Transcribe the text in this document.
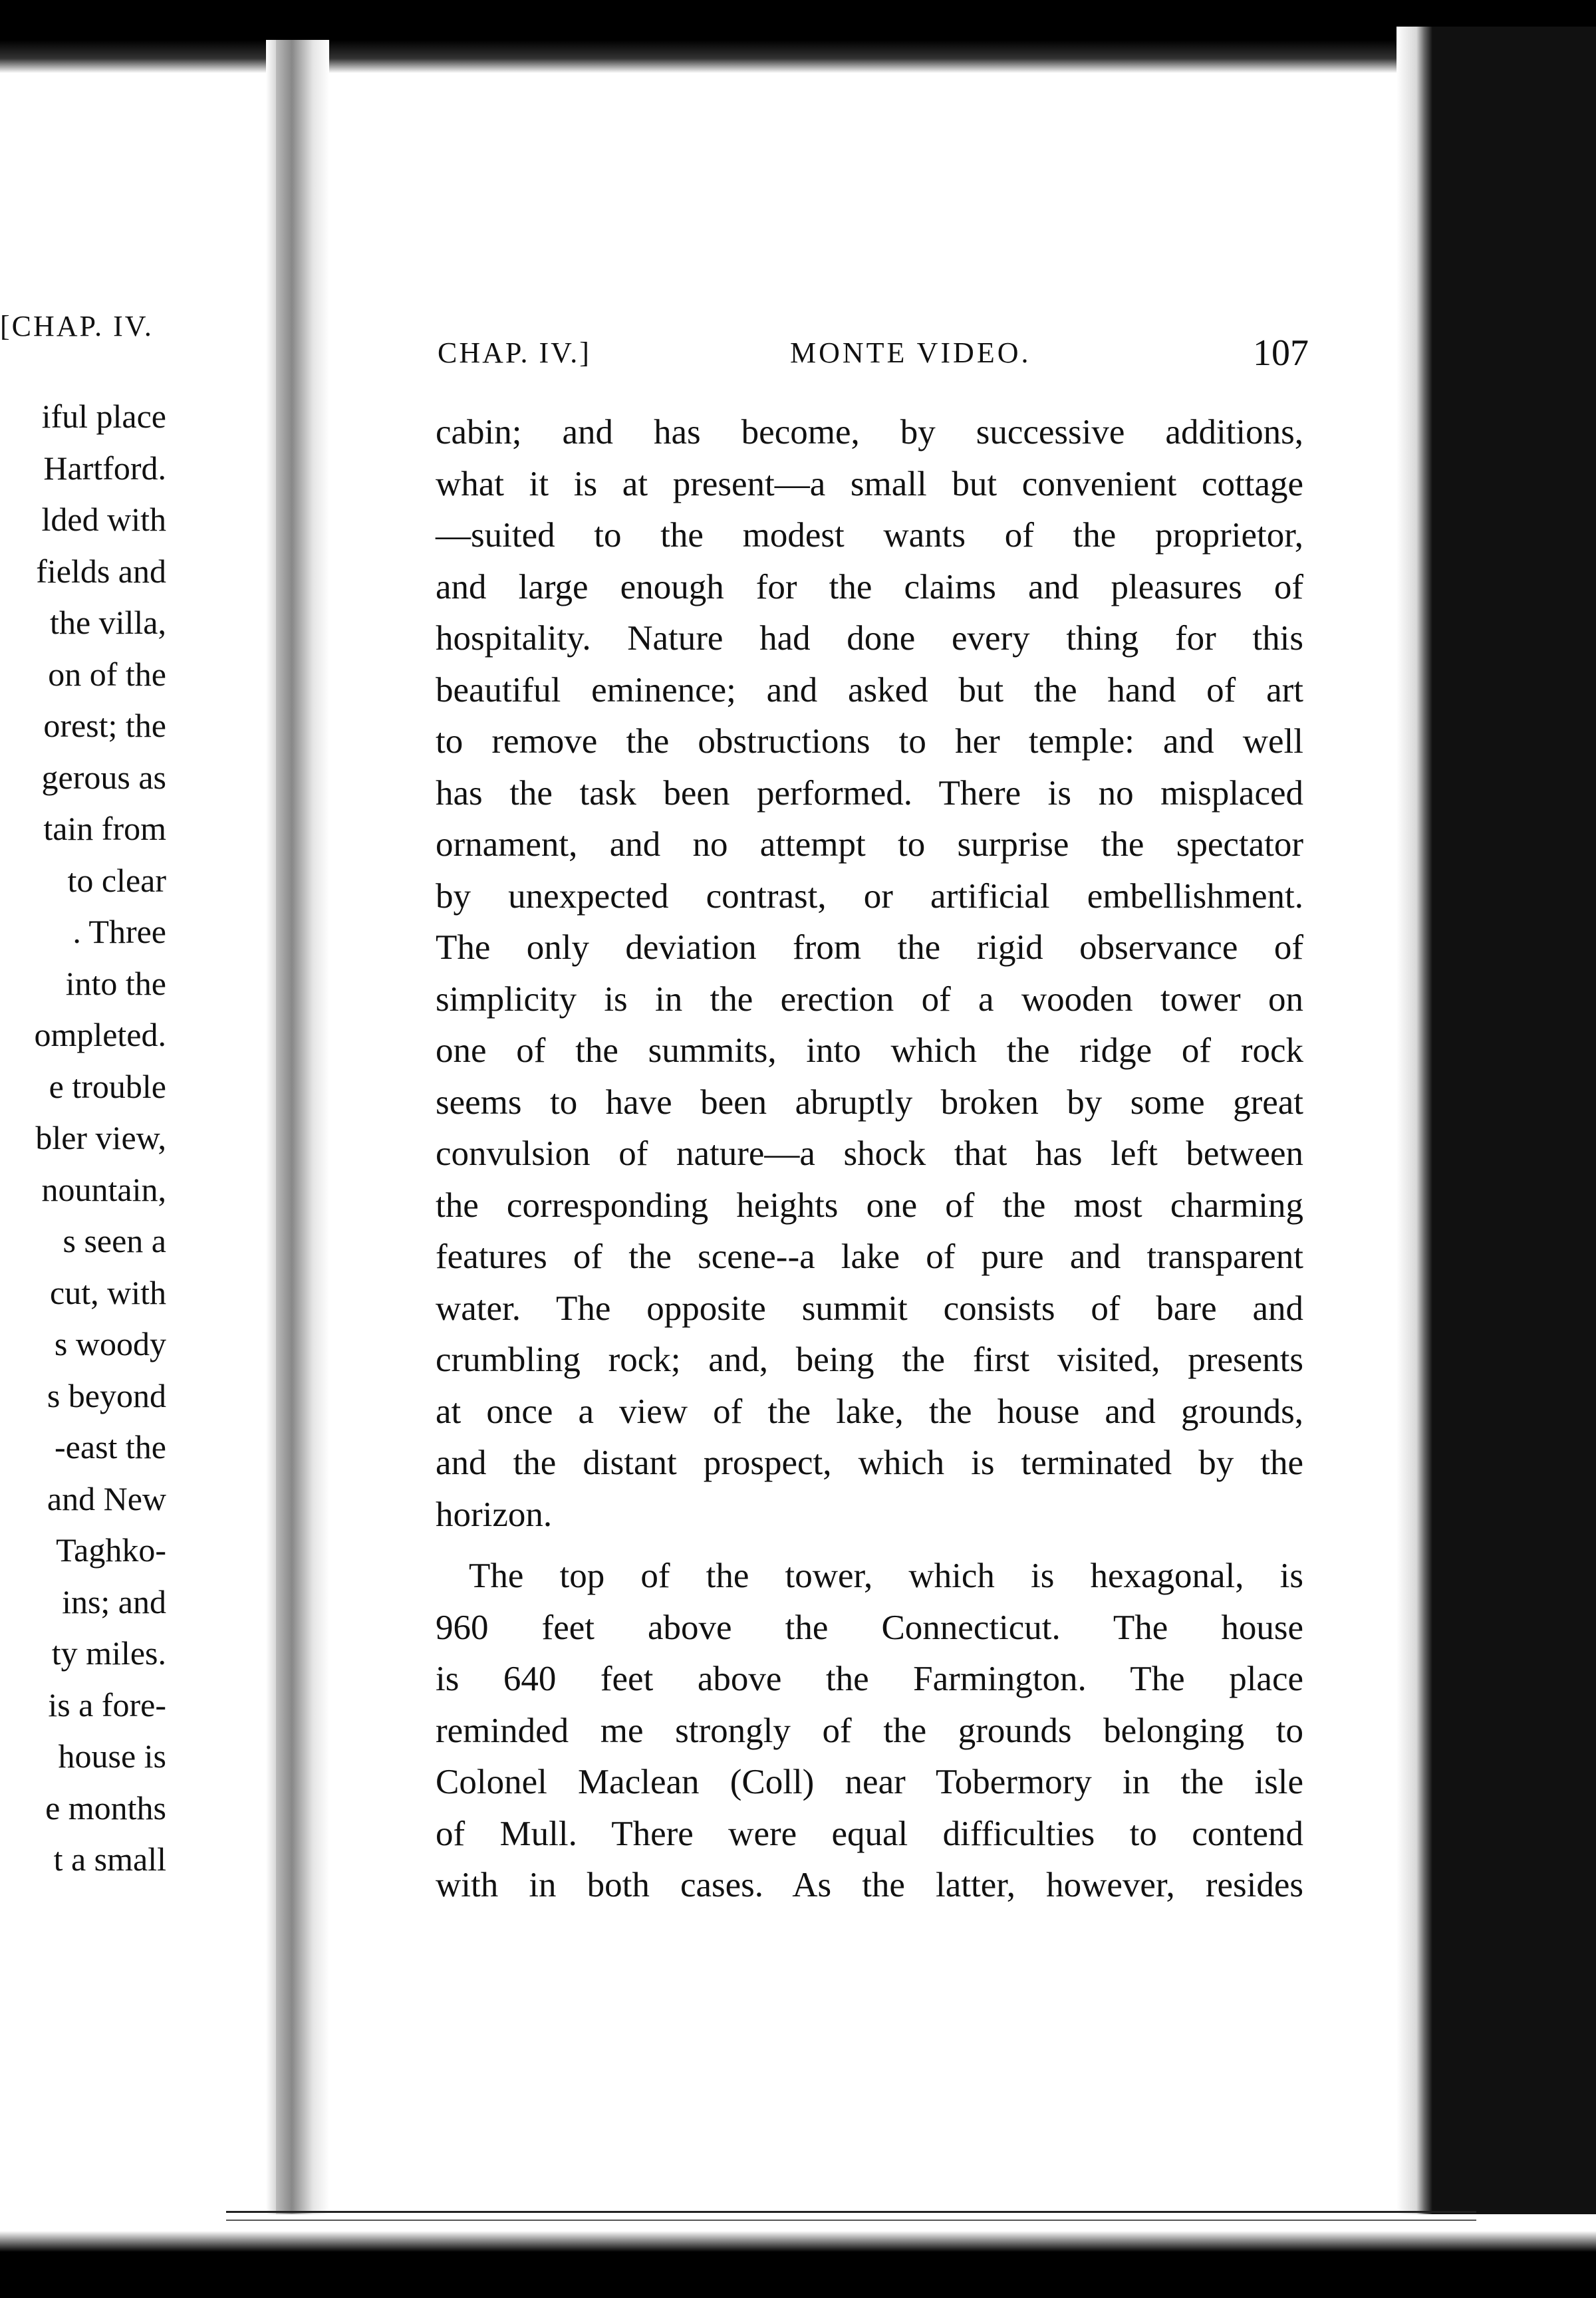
[CHAP. IV.
iful place
Hartford.
lded with
fields and
the villa,
on of the
orest; the
gerous as
tain from
to clear
. Three
into the
ompleted.
e trouble
bler view,
nountain,
s seen a
cut, with
s woody
s beyond
-east the
and New
Taghko-
ins; and
ty miles.
is a fore-
house is
e months
t a small
CHAP. IV.]	MONTE VIDEO.	107
cabin; and has become, by successive additions,
what it is at present—a small but convenient cottage
—suited to the modest wants of the proprietor,
and large enough for the claims and pleasures of
hospitality. Nature had done every thing for this
beautiful eminence; and asked but the hand of art
to remove the obstructions to her temple: and well
has the task been performed. There is no misplaced
ornament, and no attempt to surprise the spectator
by unexpected contrast, or artificial embellishment.
The only deviation from the rigid observance of
simplicity is in the erection of a wooden tower on
one of the summits, into which the ridge of rock
seems to have been abruptly broken by some great
convulsion of nature—a shock that has left between
the corresponding heights one of the most charming
features of the scene--a lake of pure and transparent
water. The opposite summit consists of bare and
crumbling rock; and, being the first visited, presents
at once a view of the lake, the house and grounds,
and the distant prospect, which is terminated by the
horizon.
The top of the tower, which is hexagonal, is
960 feet above the Connecticut. The house
is 640 feet above the Farmington. The place
reminded me strongly of the grounds belonging to
Colonel Maclean (Coll) near Tobermory in the isle
of Mull. There were equal difficulties to contend
with in both cases. As the latter, however, resides
